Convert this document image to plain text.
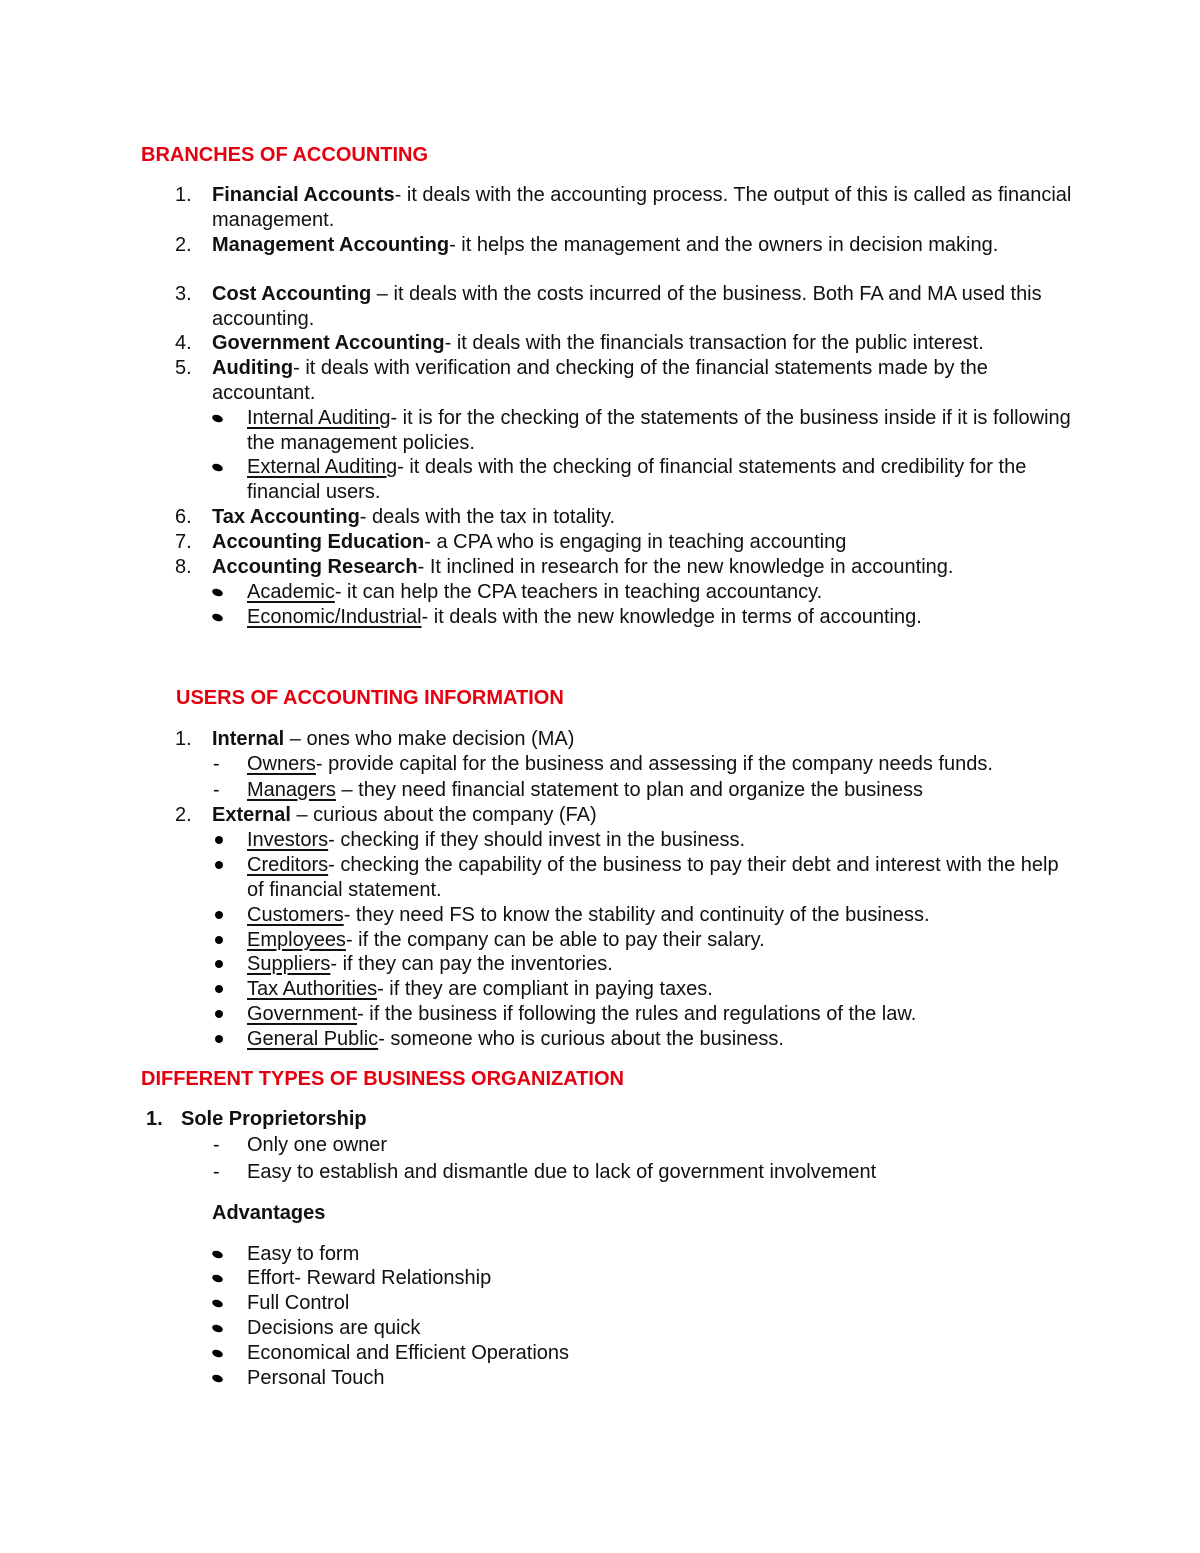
BRANCHES OF ACCOUNTING
1. Financial Accounts- it deals with the accounting process. The output of this is called as financial management.
2. Management Accounting- it helps the management and the owners in decision making.
3. Cost Accounting – it deals with the costs incurred of the business. Both FA and MA used this accounting.
4. Government Accounting- it deals with the financials transaction for the public interest.
5. Auditing- it deals with verification and checking of the financial statements made by the accountant.
Internal Auditing- it is for the checking of the statements of the business inside if it is following the management policies.
External Auditing- it deals with the checking of financial statements and credibility for the financial users.
6. Tax Accounting- deals with the tax in totality.
7. Accounting Education- a CPA who is engaging in teaching accounting
8. Accounting Research- It inclined in research for the new knowledge in accounting.
Academic- it can help the CPA teachers in teaching accountancy.
Economic/Industrial- it deals with the new knowledge in terms of accounting.
USERS OF ACCOUNTING INFORMATION
1. Internal – ones who make decision (MA)
- Owners- provide capital for the business and assessing if the company needs funds.
- Managers – they need financial statement to plan and organize the business
2. External – curious about the company (FA)
Investors- checking if they should invest in the business.
Creditors- checking the capability of the business to pay their debt and interest with the help of financial statement.
Customers- they need FS to know the stability and continuity of the business.
Employees- if the company can be able to pay their salary.
Suppliers- if they can pay the inventories.
Tax Authorities- if they are compliant in paying taxes.
Government- if the business if following the rules and regulations of the law.
General Public- someone who is curious about the business.
DIFFERENT TYPES OF BUSINESS ORGANIZATION
1. Sole Proprietorship
- Only one owner
- Easy to establish and dismantle due to lack of government involvement
Advantages
Easy to form
Effort- Reward Relationship
Full Control
Decisions are quick
Economical and Efficient Operations
Personal Touch
